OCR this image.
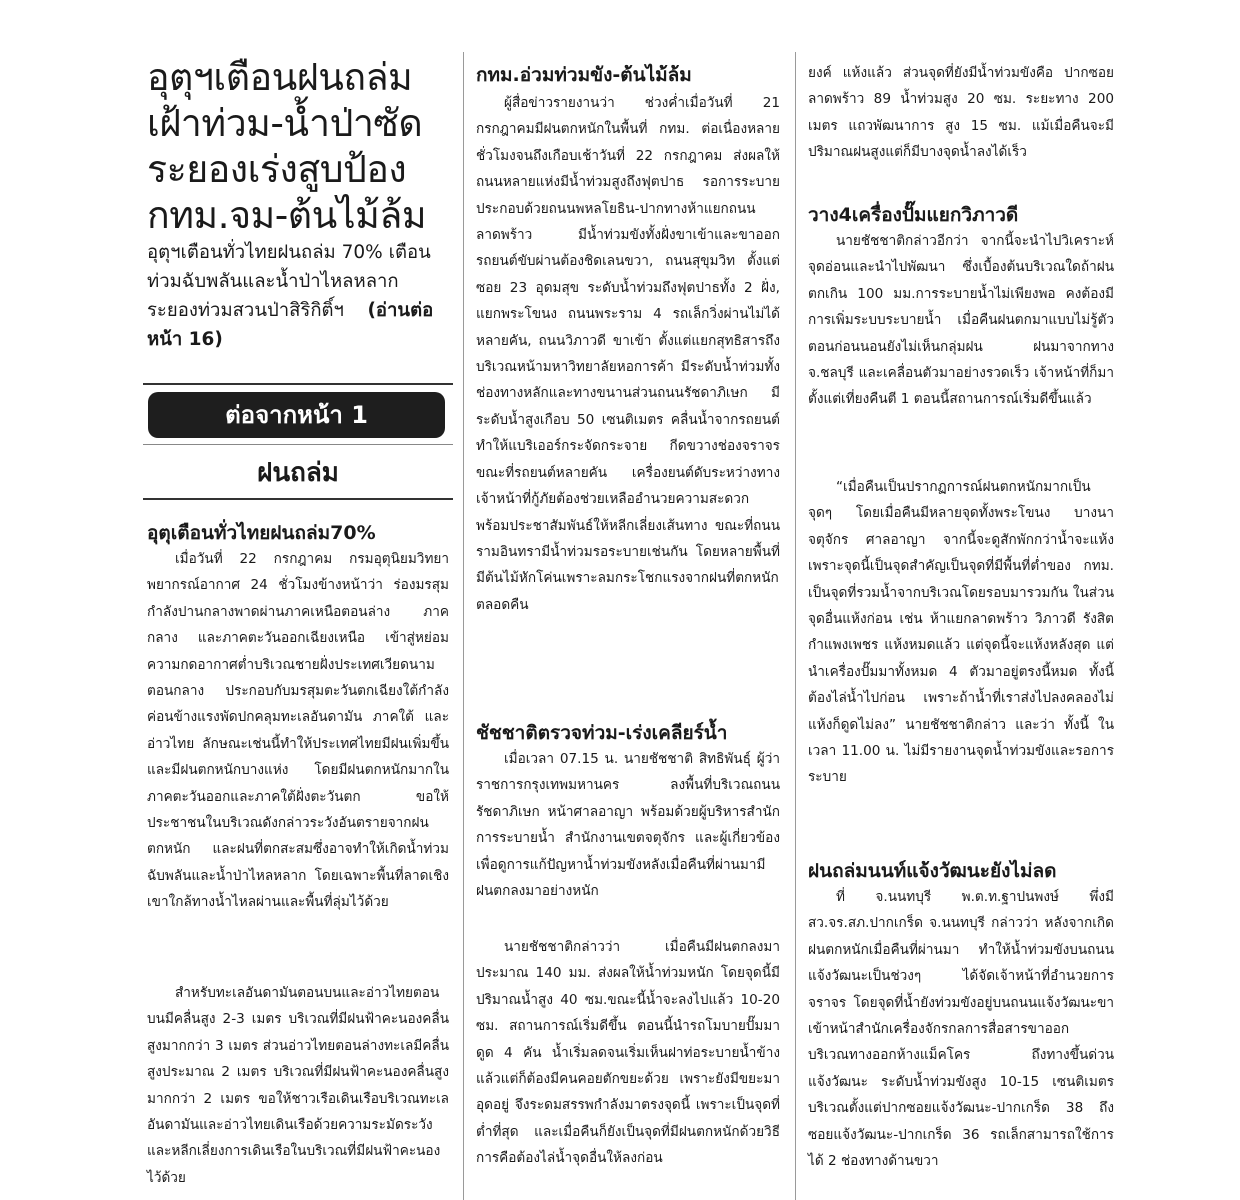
อุตุฯเตือนฝนถล่ม เฝ้าท่วม-น้ำป่าซัด ระยองเร่งสูบป้อง กทม.จม-ต้นไม้ล้ม

อุตุฯเตือนทั่วไทยฝนถล่ม 70% เตือนท่วมฉับพลันและน้ำป่าไหลหลาก ระยองท่วมสวนป่าสิริกิติ์ฯ (อ่านต่อหน้า 16)

ต่อจากหน้า 1
ฝนถล่ม
อุตุเตือนทั่วไทยฝนถล่ม70%

เมื่อวันที่ 22 กรกฎาคม กรมอุตุนิยมวิทยาพยากรณ์อากาศ 24 ชั่วโมงข้างหน้าว่า ร่องมรสุมกำลังปานกลางพาดผ่านภาคเหนือตอนล่าง ภาคกลาง และภาคตะวันออกเฉียงเหนือ เข้าสู่หย่อมความกดอากาศต่ำบริเวณชายฝั่งประเทศเวียดนามตอนกลาง ประกอบกับมรสุมตะวันตกเฉียงใต้กำลังค่อนข้างแรงพัดปกคลุมทะเลอันดามัน ภาคใต้ และอ่าวไทย ลักษณะเช่นนี้ทำให้ประเทศไทยมีฝนเพิ่มขึ้นและมีฝนตกหนักบางแห่ง โดยมีฝนตกหนักมากในภาคตะวันออกและภาคใต้ฝั่งตะวันตก ขอให้ประชาชนในบริเวณดังกล่าวระวังอันตรายจากฝนตกหนัก และฝนที่ตกสะสมซึ่งอาจทำให้เกิดน้ำท่วมฉับพลันและน้ำป่าไหลหลาก โดยเฉพาะพื้นที่ลาดเชิงเขาใกล้ทางน้ำไหลผ่านและพื้นที่ลุ่มไว้ด้วย

สำหรับทะเลอันดามันตอนบนและอ่าวไทยตอนบนมีคลื่นสูง 2-3 เมตร บริเวณที่มีฝนฟ้าคะนองคลื่นสูงมากกว่า 3 เมตร ส่วนอ่าวไทยตอนล่างทะเลมีคลื่นสูงประมาณ 2 เมตร บริเวณที่มีฝนฟ้าคะนองคลื่นสูงมากกว่า 2 เมตร ขอให้ชาวเรือเดินเรือบริเวณทะเลอันดามันและอ่าวไทยเดินเรือด้วยความระมัดระวัง และหลีกเลี่ยงการเดินเรือในบริเวณที่มีฝนฟ้าคะนองไว้ด้วย

กทม.อ่วมท่วมขัง-ต้นไม้ล้ม

ผู้สื่อข่าวรายงานว่า ช่วงค่ำเมื่อวันที่ 21 กรกฎาคมมีฝนตกหนักในพื้นที่ กทม. ต่อเนื่องหลายชั่วโมงจนถึงเกือบเช้าวันที่ 22 กรกฎาคม ส่งผลให้ถนนหลายแห่งมีน้ำท่วมสูงถึงฟุตปาธ รอการระบาย ประกอบด้วยถนนพหลโยธิน-ปากทางห้าแยกถนนลาดพร้าว มีน้ำท่วมขังทั้งฝั่งขาเข้าและขาออก รถยนต์ขับผ่านต้องชิดเลนขวา, ถนนสุขุมวิท ตั้งแต่ซอย 23 อุดมสุข ระดับน้ำท่วมถึงฟุตปาธทั้ง 2 ฝั่ง, แยกพระโขนง ถนนพระราม 4 รถเล็กวิ่งผ่านไม่ได้หลายคัน, ถนนวิภาวดี ขาเข้า ตั้งแต่แยกสุทธิสารถึงบริเวณหน้ามหาวิทยาลัยหอการค้า มีระดับน้ำท่วมทั้งช่องทางหลักและทางขนานส่วนถนนรัชดาภิเษก มีระดับน้ำสูงเกือบ 50 เซนติเมตร คลื่นน้ำจากรถยนต์ ทำให้แบริเออร์กระจัดกระจาย กีดขวางช่องจราจร ขณะที่รถยนต์หลายคัน เครื่องยนต์ดับระหว่างทาง เจ้าหน้าที่กู้ภัยต้องช่วยเหลืออำนวยความสะดวก พร้อมประชาสัมพันธ์ให้หลีกเลี่ยงเส้นทาง ขณะที่ถนนรามอินทรามีน้ำท่วมรอระบายเช่นกัน โดยหลายพื้นที่มีต้นไม้หักโค่นเพราะลมกระโชกแรงจากฝนที่ตกหนักตลอดคืน

ชัชชาติตรวจท่วม-เร่งเคลียร์น้ำ

เมื่อเวลา 07.15 น. นายชัชชาติ สิทธิพันธุ์ ผู้ว่าราชการกรุงเทพมหานคร ลงพื้นที่บริเวณถนนรัชดาภิเษก หน้าศาลอาญา พร้อมด้วยผู้บริหารสำนักการระบายน้ำ สำนักงานเขตจตุจักร และผู้เกี่ยวข้อง เพื่อดูการแก้ปัญหาน้ำท่วมขังหลังเมื่อคืนที่ผ่านมามีฝนตกลงมาอย่างหนัก

นายชัชชาติกล่าวว่า เมื่อคืนมีฝนตกลงมาประมาณ 140 มม. ส่งผลให้น้ำท่วมหนัก โดยจุดนี้มีปริมาณน้ำสูง 40 ซม.ขณะนี้น้ำจะลงไปแล้ว 10-20 ซม. สถานการณ์เริ่มดีขึ้น ตอนนี้นำรถโมบายปั๊มมาดูด 4 คัน น้ำเริ่มลดจนเริ่มเห็นฝาท่อระบายน้ำข้างแล้วแต่ก็ต้องมีคนคอยตักขยะด้วย เพราะยังมีขยะมาอุดอยู่ จึงระดมสรรพกำลังมาตรงจุดนี้ เพราะเป็นจุดที่ต่ำที่สุด และเมื่อคืนก็ยังเป็นจุดที่มีฝนตกหนักด้วยวิธีการคือต้องไล่น้ำจุดอื่นให้ลงก่อน

ยงค์ แห้งแล้ว ส่วนจุดที่ยังมีน้ำท่วมขังคือ ปากซอยลาดพร้าว 89 น้ำท่วมสูง 20 ซม. ระยะทาง 200 เมตร แถวพัฒนาการ สูง 15 ซม. แม้เมื่อคืนจะมีปริมาณฝนสูงแต่ก็มีบางจุดน้ำลงได้เร็ว

วาง4เครื่องปั๊มแยกวิภาวดี

นายชัชชาติกล่าวอีกว่า จากนี้จะนำไปวิเคราะห์จุดอ่อนและนำไปพัฒนา ซึ่งเบื้องต้นบริเวณใดถ้าฝนตกเกิน 100 มม.การระบายน้ำไม่เพียงพอ คงต้องมีการเพิ่มระบบระบายน้ำ เมื่อคืนฝนตกมาแบบไม่รู้ตัวตอนก่อนนอนยังไม่เห็นกลุ่มฝน ฝนมาจากทาง จ.ชลบุรี และเคลื่อนตัวมาอย่างรวดเร็ว เจ้าหน้าที่ก็มาตั้งแต่เที่ยงคืนตี 1 ตอนนี้สถานการณ์เริ่มดีขึ้นแล้ว

“เมื่อคืนเป็นปรากฏการณ์ฝนตกหนักมากเป็นจุดๆ โดยเมื่อคืนมีหลายจุดทั้งพระโขนง บางนา จตุจักร ศาลอาญา จากนี้จะดูสักพักกว่าน้ำจะแห้ง เพราะจุดนี้เป็นจุดสำคัญเป็นจุดที่มีพื้นที่ต่ำของ กทม. เป็นจุดที่รวมน้ำจากบริเวณโดยรอบมารวมกัน ในส่วนจุดอื่นแห้งก่อน เช่น ห้าแยกลาดพร้าว วิภาวดี รังสิต กำแพงเพชร แห้งหมดแล้ว แต่จุดนี้จะแห้งหลังสุด แต่นำเครื่องปั๊มมาทั้งหมด 4 ตัวมาอยู่ตรงนี้หมด ทั้งนี้ ต้องไล่น้ำไปก่อน เพราะถ้าน้ำที่เราส่งไปลงคลองไม่แห้งก็ดูดไม่ลง” นายชัชชาติกล่าว และว่า ทั้งนี้ ในเวลา 11.00 น. ไม่มีรายงานจุดน้ำท่วมขังและรอการระบาย

ฝนถล่มนนท์แจ้งวัฒนะยังไม่ลด

ที่ จ.นนทบุรี พ.ต.ท.ฐาปนพงษ์ พึ่งมี สว.จร.สภ.ปากเกร็ด จ.นนทบุรี กล่าวว่า หลังจากเกิดฝนตกหนักเมื่อคืนที่ผ่านมา ทำให้น้ำท่วมขังบนถนนแจ้งวัฒนะเป็นช่วงๆ ได้จัดเจ้าหน้าที่อำนวยการจราจร โดยจุดที่น้ำยังท่วมขังอยู่บนถนนแจ้งวัฒนะขาเข้าหน้าสำนักเครื่องจักรกลการสื่อสารขาออก บริเวณทางออกห้างแม็คโคร ถึงทางขึ้นด่วนแจ้งวัฒนะ ระดับน้ำท่วมขังสูง 10-15 เซนติเมตร บริเวณตั้งแต่ปากซอยแจ้งวัฒนะ-ปากเกร็ด 38 ถึงซอยแจ้งวัฒนะ-ปากเกร็ด 36 รถเล็กสามารถใช้การได้ 2 ช่องทางด้านขวา
